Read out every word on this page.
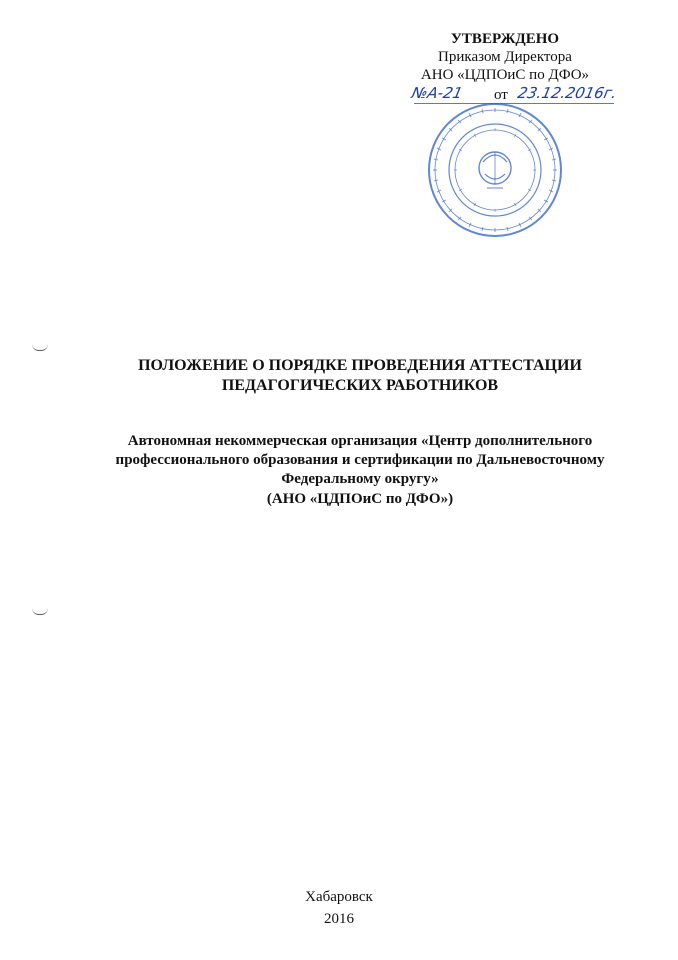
УТВЕРЖДЕНО
Приказом Директора
АНО «ЦДПОиС по ДФО»
№А-21 от 23.12.2016г.
ПОЛОЖЕНИЕ О ПОРЯДКЕ ПРОВЕДЕНИЯ АТТЕСТАЦИИ
ПЕДАГОГИЧЕСКИХ РАБОТНИКОВ
Автономная некоммерческая организация «Центр дополнительного
профессионального образования и сертификации по Дальневосточному
Федеральному округу»
(АНО «ЦДПОиС по ДФО»)
Хабаровск
2016
